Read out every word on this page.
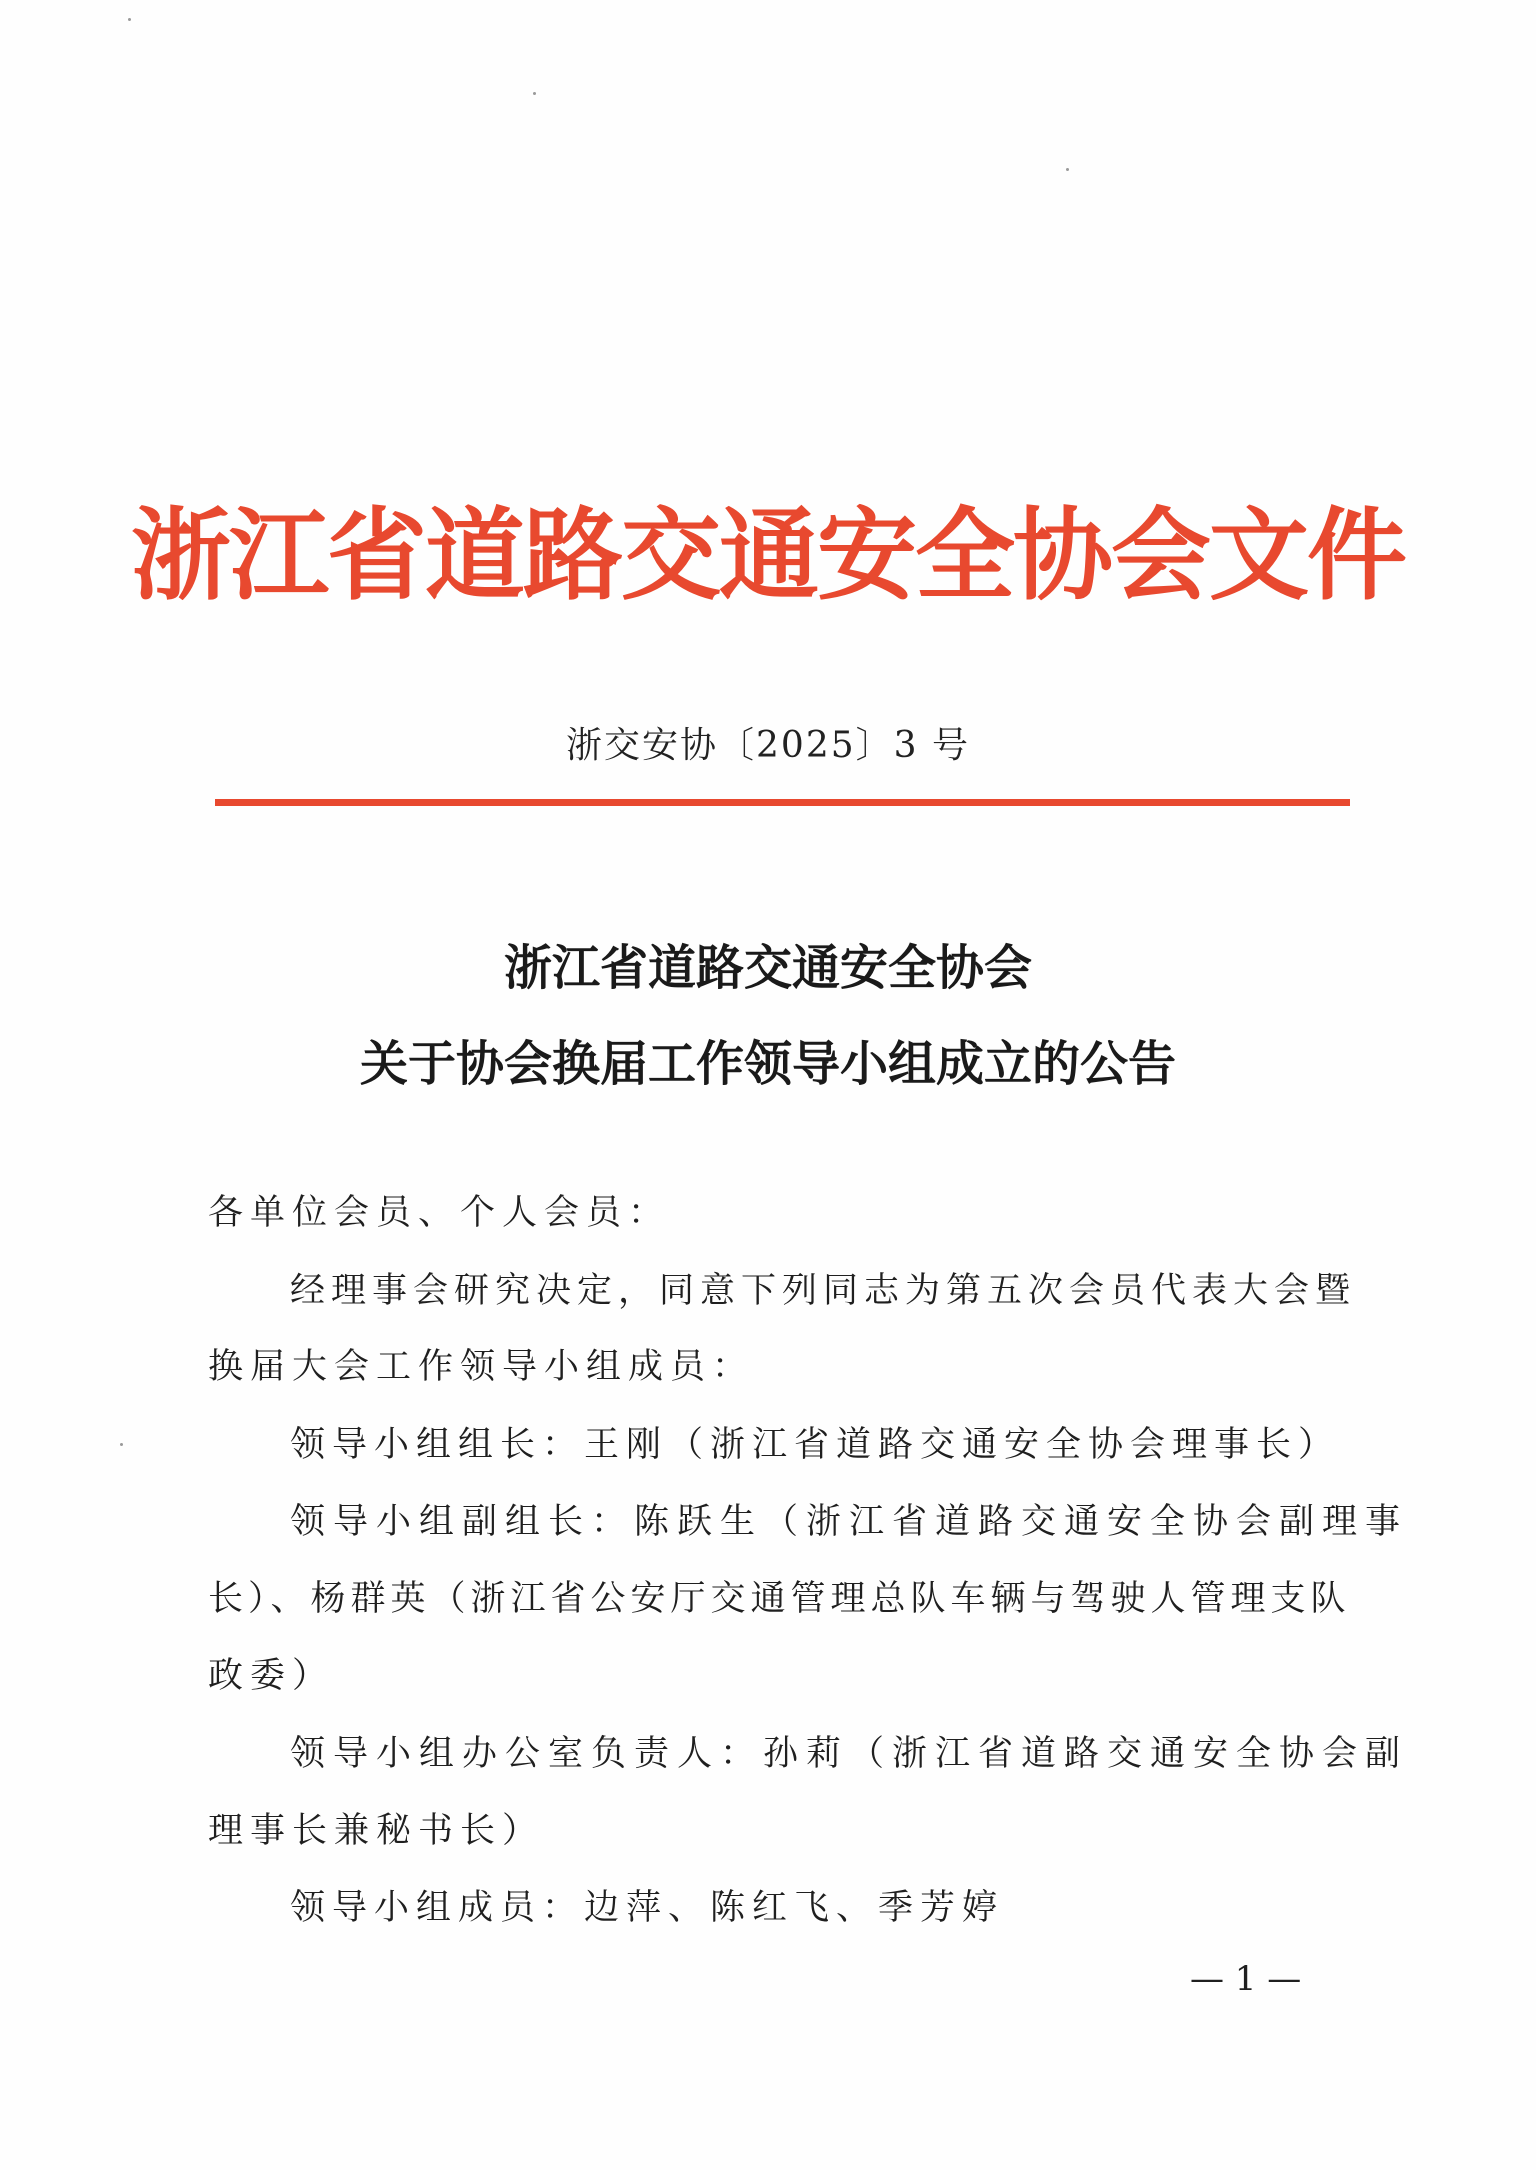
浙江省道路交通安全协会文件
浙交安协〔2025〕3 号
浙江省道路交通安全协会
关于协会换届工作领导小组成立的公告
各单位会员、个人会员：
经理事会研究决定，同意下列同志为第五次会员代表大会暨
换届大会工作领导小组成员：
领导小组组长：王刚（浙江省道路交通安全协会理事长）
领导小组副组长：陈跃生（浙江省道路交通安全协会副理事
长）、杨群英（浙江省公安厅交通管理总队车辆与驾驶人管理支队
政委）
领导小组办公室负责人：孙莉（浙江省道路交通安全协会副
理事长兼秘书长）
领导小组成员：边萍、陈红飞、季芳婷
— 1 —
